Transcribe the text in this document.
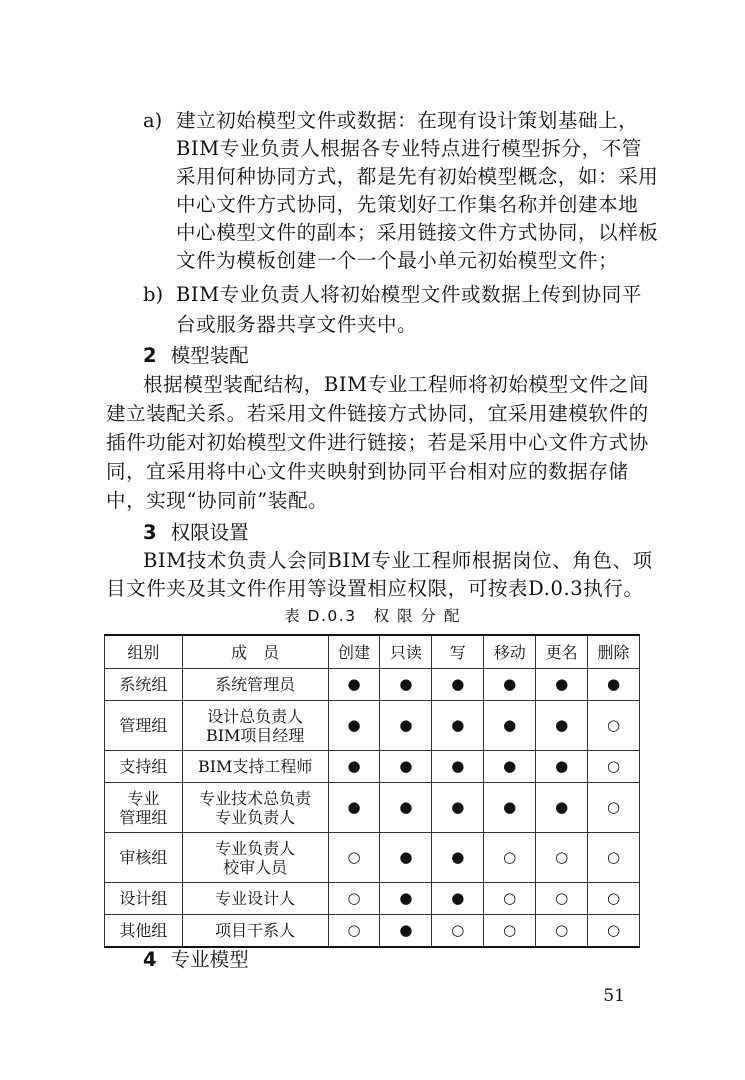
a) 建立初始模型文件或数据：在现有设计策划基础上，
BIM专业负责人根据各专业特点进行模型拆分，不管
采用何种协同方式，都是先有初始模型概念，如：采用
中心文件方式协同，先策划好工作集名称并创建本地
中心模型文件的副本；采用链接文件方式协同，以样板
文件为模板创建一个一个最小单元初始模型文件；
b) BIM专业负责人将初始模型文件或数据上传到协同平
台或服务器共享文件夹中。
2 模型装配
根据模型装配结构，BIM专业工程师将初始模型文件之间
建立装配关系。若采用文件链接方式协同，宜采用建模软件的
插件功能对初始模型文件进行链接；若是采用中心文件方式协
同，宜采用将中心文件夹映射到协同平台相对应的数据存储
中，实现“协同前”装配。
3 权限设置
BIM技术负责人会同BIM专业工程师根据岗位、角色、项
目文件夹及其文件作用等设置相应权限，可按表D.0.3执行。
表 D.0.3　权 限 分 配
组别	成　员	创建	只读	写	移动	更名	删除
系统组	系统管理员	●	●	●	●	●	●
管理组	设计总负责人
BIM项目经理	●	●	●	●	●	○
支持组	BIM支持工程师	●	●	●	●	●	○
专业
管理组	专业技术总负责
专业负责人	●	●	●	●	●	○
审核组	专业负责人
校审人员	○	●	●	○	○	○
设计组	专业设计人	○	●	●	○	○	○
其他组	项目干系人	○	●	○	○	○	○
4 专业模型
51
